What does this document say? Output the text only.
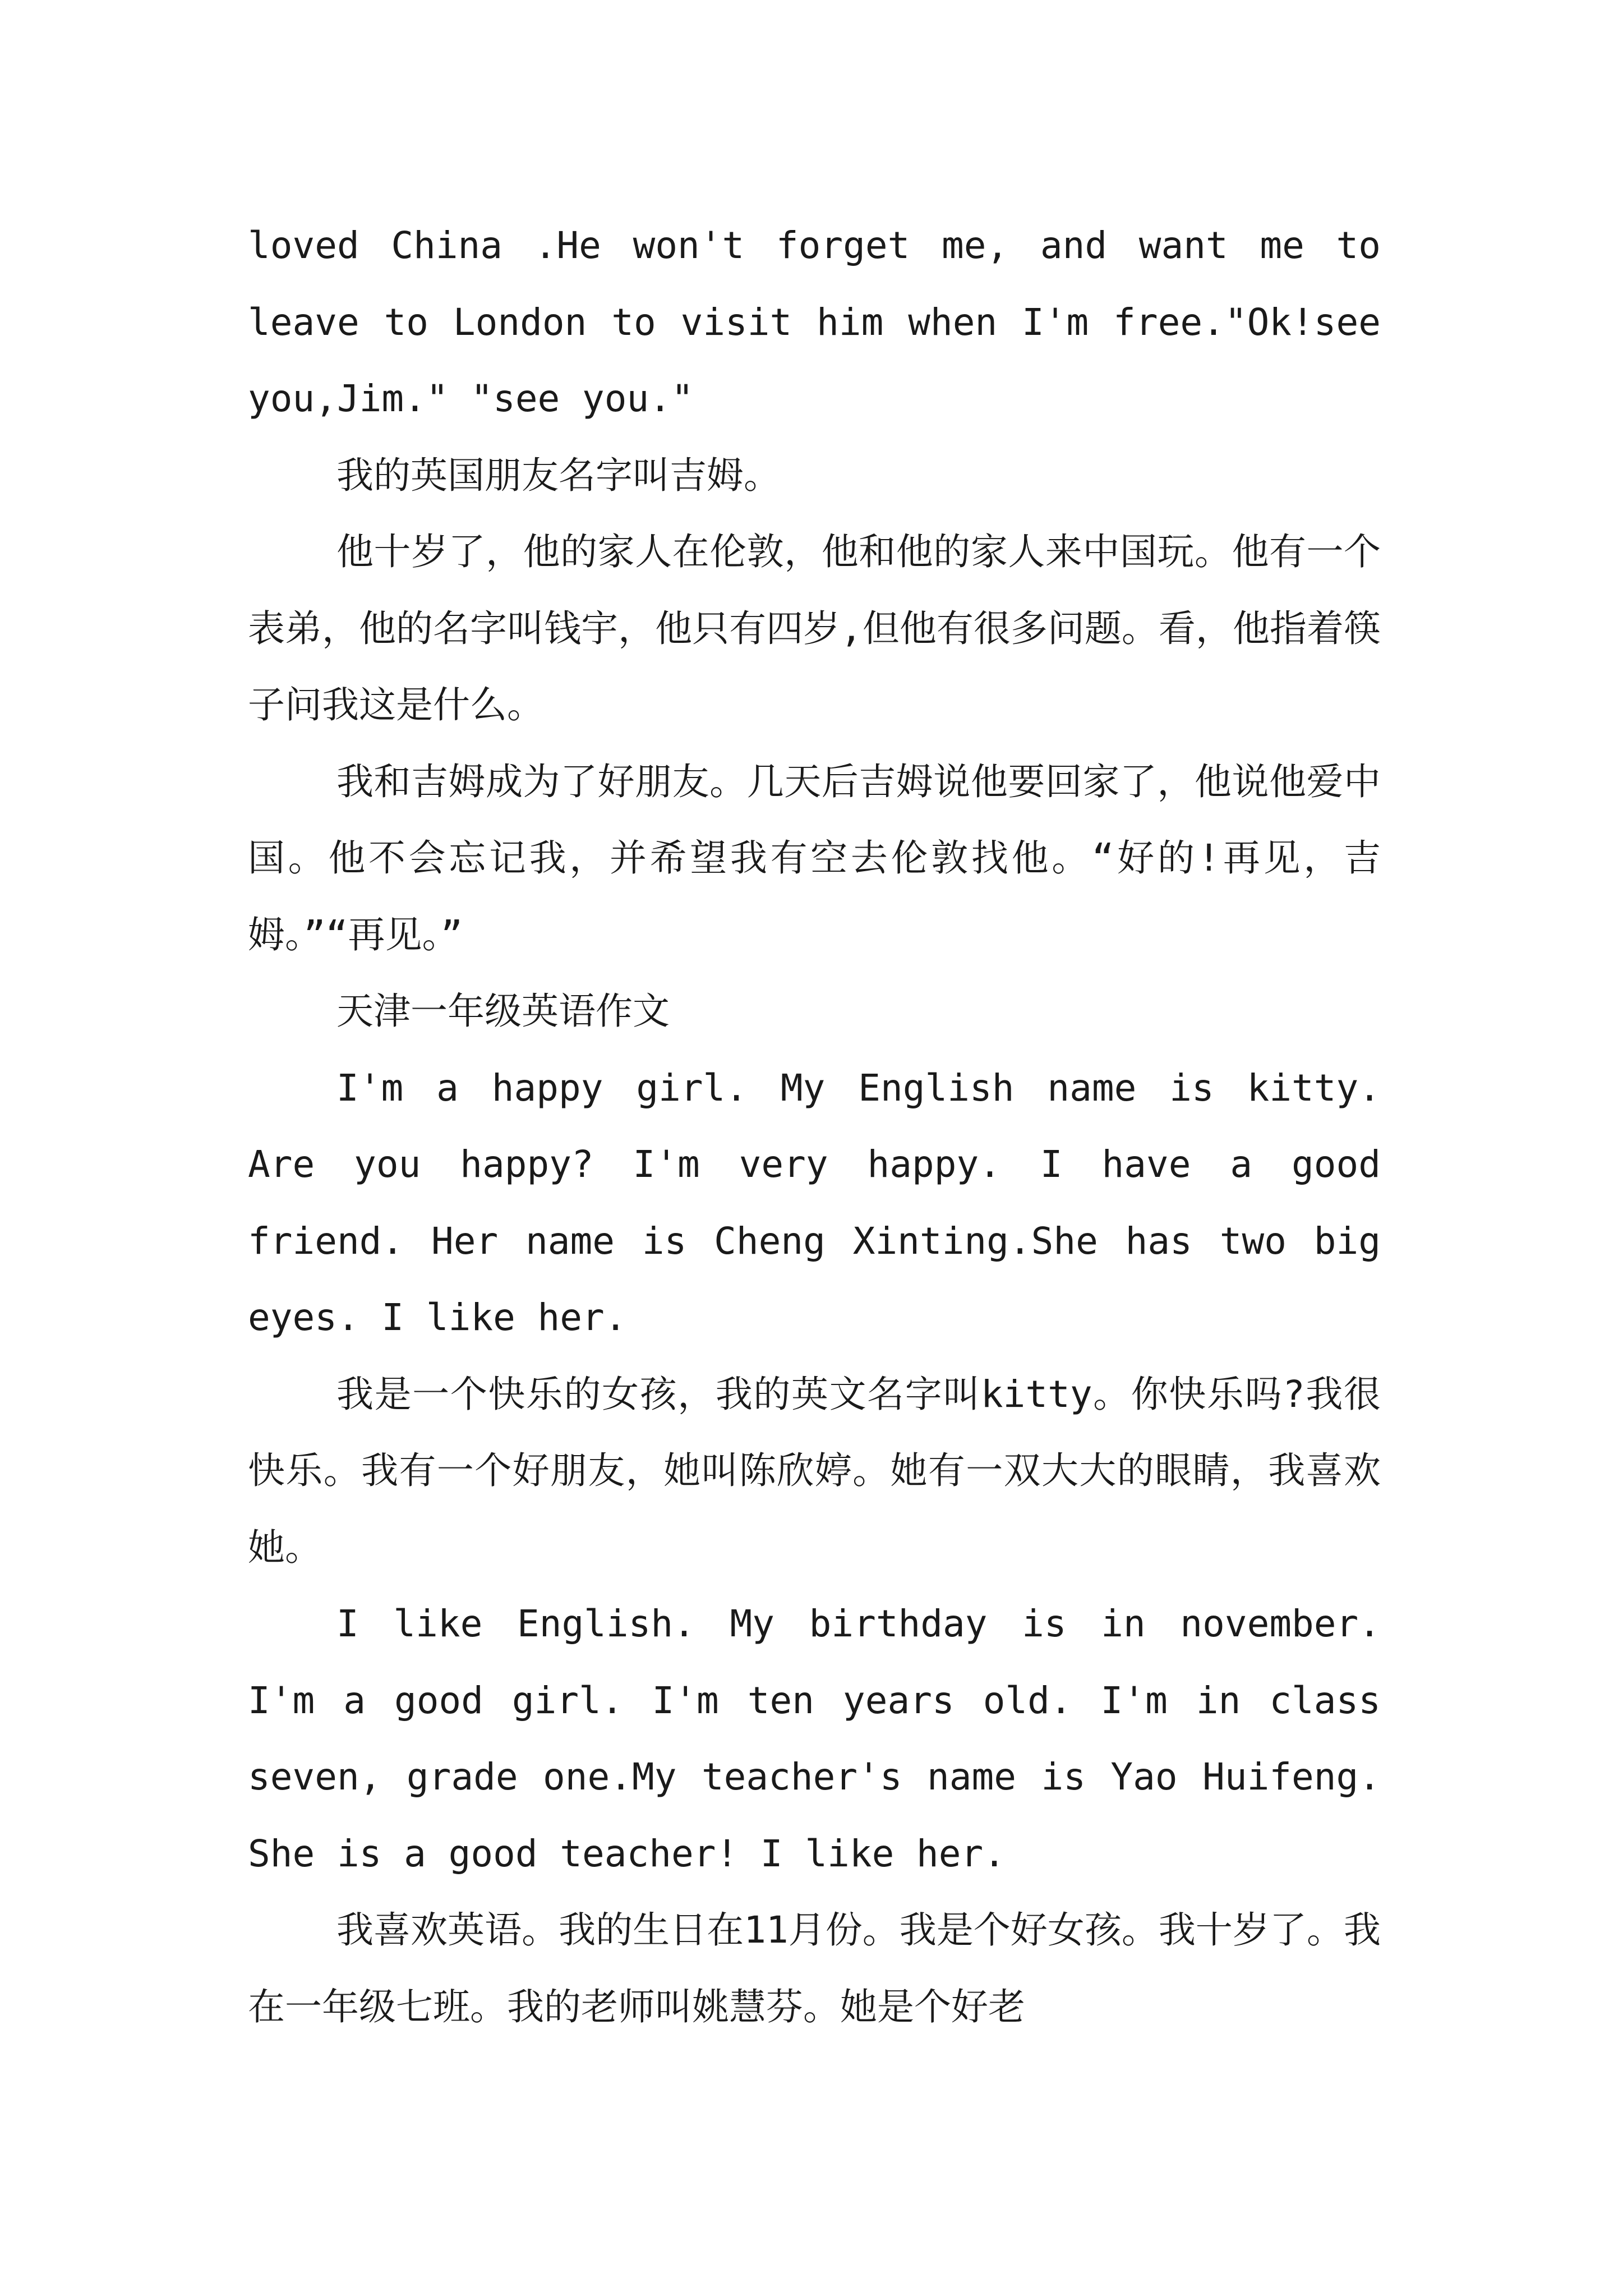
loved China .He won't forget me, and want me to leave to London to visit him when I'm free."Ok!see you,Jim." "see you."

我的英国朋友名字叫吉姆。

他十岁了，他的家人在伦敦，他和他的家人来中国玩。他有一个表弟，他的名字叫钱宇，他只有四岁,但他有很多问题。看，他指着筷子问我这是什么。

我和吉姆成为了好朋友。几天后吉姆说他要回家了，他说他爱中国。他不会忘记我，并希望我有空去伦敦找他。“好的!再见，吉姆。”“再见。”

天津一年级英语作文

I'm a happy girl. My English name is kitty. Are you happy? I'm very happy. I have a good friend. Her name is Cheng Xinting.She has two big eyes. I like her.

我是一个快乐的女孩，我的英文名字叫kitty。你快乐吗?我很快乐。我有一个好朋友，她叫陈欣婷。她有一双大大的眼睛，我喜欢她。

I like English. My birthday is in november. I'm a good girl. I'm ten years old. I'm in class seven, grade one.My teacher's name is Yao Huifeng. She is a good teacher! I like her.

我喜欢英语。我的生日在11月份。我是个好女孩。我十岁了。我在一年级七班。我的老师叫姚慧芬。她是个好老
